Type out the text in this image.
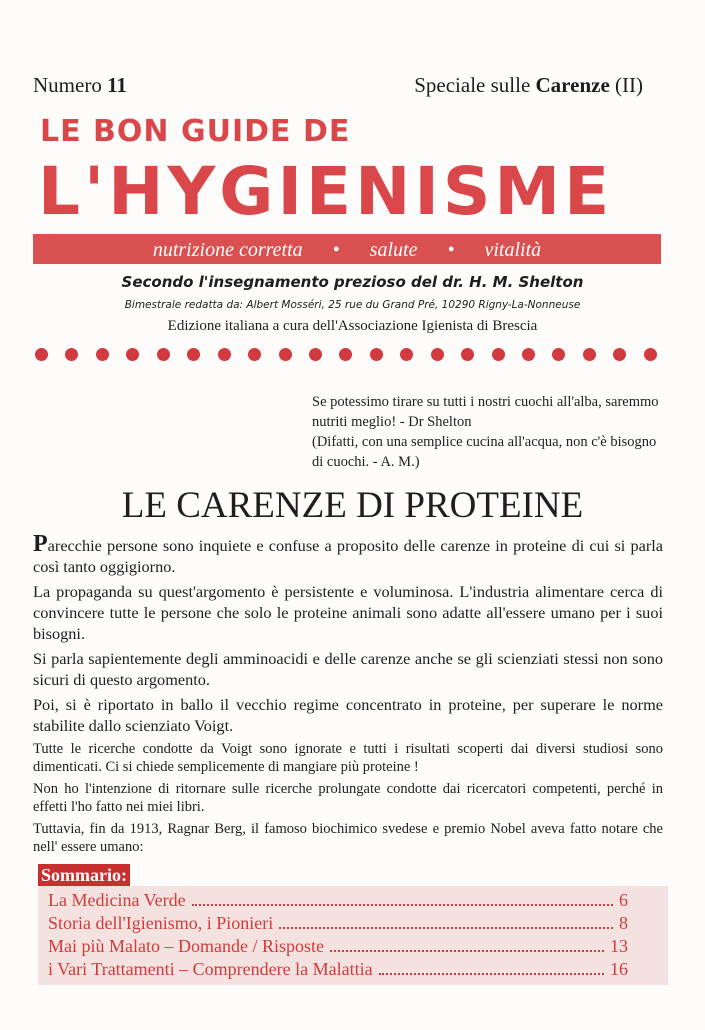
Numero 11	Speciale sulle Carenze (II)
LE BON GUIDE DE
L'HYGIENISME
nutrizione corretta • salute • vitalità
Secondo l'insegnamento prezioso del dr. H. M. Shelton
Bimestrale redatta da: Albert Mosséri, 25 rue du Grand Pré, 10290 Rigny-La-Nonneuse
Edizione italiana a cura dell'Associazione Igienista di Brescia
Se potessimo tirare su tutti i nostri cuochi all'alba, saremmo nutriti meglio! - Dr Shelton
(Difatti, con una semplice cucina all'acqua, non c'è bisogno di cuochi. - A. M.)
LE CARENZE DI PROTEINE

Parecchie persone sono inquiete e confuse a proposito delle carenze in proteine di cui si parla così tanto oggigiorno.

La propaganda su quest'argomento è persistente e voluminosa. L'industria alimentare cerca di convincere tutte le persone che solo le proteine animali sono adatte all'essere umano per i suoi bisogni.

Si parla sapientemente degli amminoacidi e delle carenze anche se gli scienziati stessi non sono sicuri di questo argomento.

Poi, si è riportato in ballo il vecchio regime concentrato in proteine, per superare le norme stabilite dallo scienziato Voigt.

Tutte le ricerche condotte da Voigt sono ignorate e tutti i risultati scoperti dai diversi studiosi sono dimenticati. Ci si chiede semplicemente di mangiare più proteine !

Non ho l'intenzione di ritornare sulle ricerche prolungate condotte dai ricercatori competenti, perché in effetti l'ho fatto nei miei libri.

Tuttavia, fin da 1913, Ragnar Berg, il famoso biochimico svedese e premio Nobel aveva fatto notare che nell' essere umano:

Sommario:
La Medicina Verde	6
Storia dell'Igienismo, i Pionieri	8
Mai più Malato – Domande / Risposte	13
i Vari Trattamenti – Comprendere la Malattia	16
